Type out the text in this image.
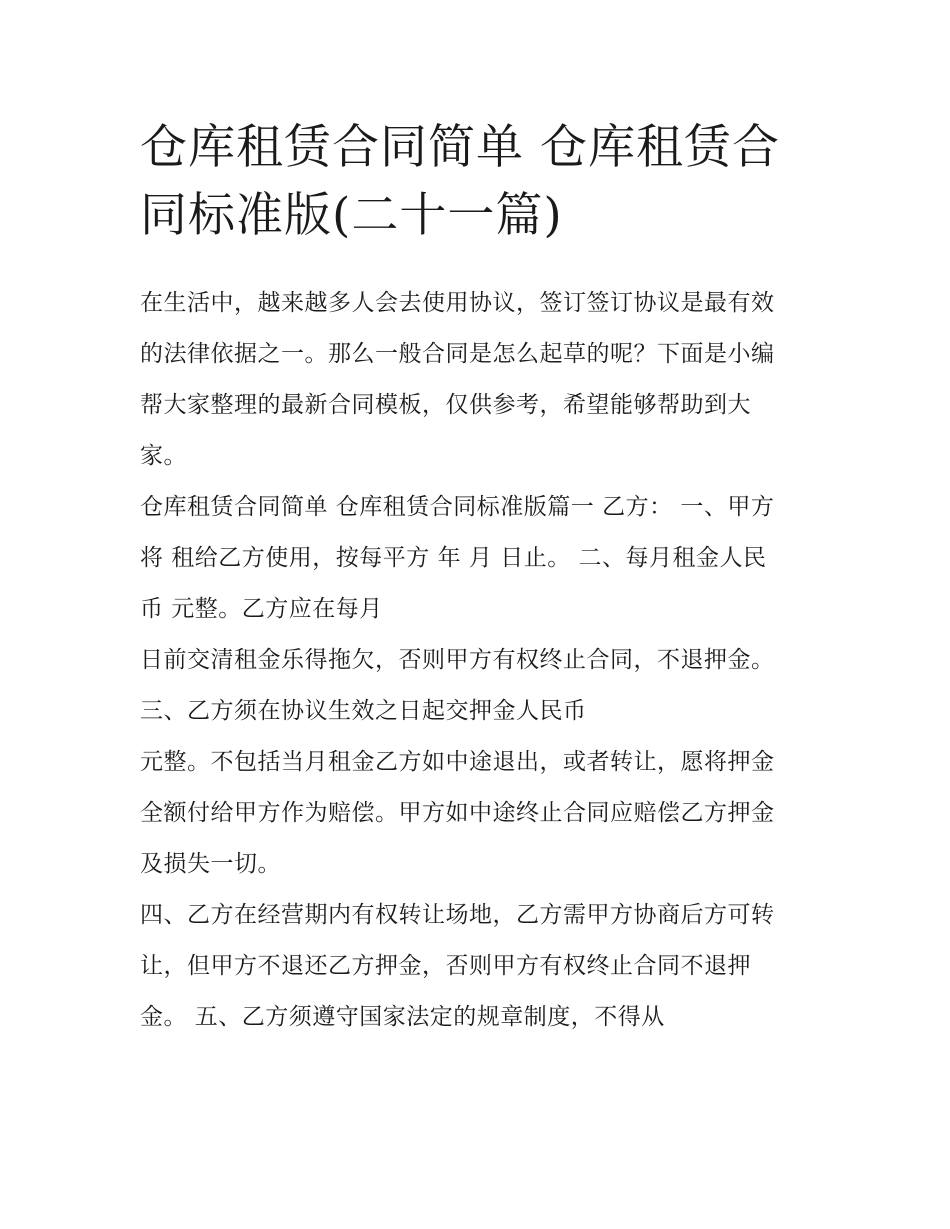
仓库租赁合同简单 仓库租赁合
同标准版(二十一篇)
在生活中，越来越多人会去使用协议，签订签订协议是最有效
的法律依据之一。那么一般合同是怎么起草的呢？下面是小编
帮大家整理的最新合同模板，仅供参考，希望能够帮助到大
家。
仓库租赁合同简单 仓库租赁合同标准版篇一 乙方： 一、甲方
将 租给乙方使用，按每平方 年 月 日止。 二、每月租金人民
币 元整。乙方应在每月
日前交清租金乐得拖欠，否则甲方有权终止合同，不退押金。
三、乙方须在协议生效之日起交押金人民币
元整。不包括当月租金乙方如中途退出，或者转让，愿将押金
全额付给甲方作为赔偿。甲方如中途终止合同应赔偿乙方押金
及损失一切。
四、乙方在经营期内有权转让场地，乙方需甲方协商后方可转
让，但甲方不退还乙方押金，否则甲方有权终止合同不退押
金。 五、乙方须遵守国家法定的规章制度，不得从
